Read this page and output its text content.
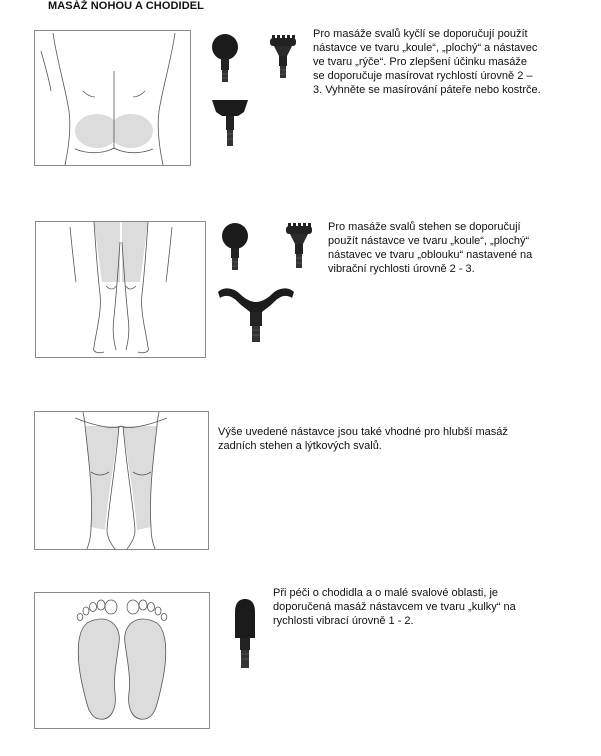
MASÁŽ NOHOU A CHODIDEL

Pro masáže svalů kyčlí se doporučují použít nástavce ve tvaru „koule“, „plochý“ a nástavec ve tvaru „rýče“. Pro zlepšení účinku masáže se doporučuje masírovat rychlostí úrovně 2 – 3. Vyhněte se masírování páteře nebo kostrče.

Pro masáže svalů stehen se doporučují použít nástavce ve tvaru „koule“, „plochý“ nástavec ve tvaru „oblouku“ nastavené na vibrační rychlosti úrovně 2 - 3.

Výše uvedené nástavce jsou také vhodné pro hlubší masáž zadních stehen a lýtkových svalů.

Při péči o chodidla a o malé svalové oblasti, je doporučená masáž nástavcem ve tvaru „kulky“ na rychlosti vibrací úrovně 1 - 2.
